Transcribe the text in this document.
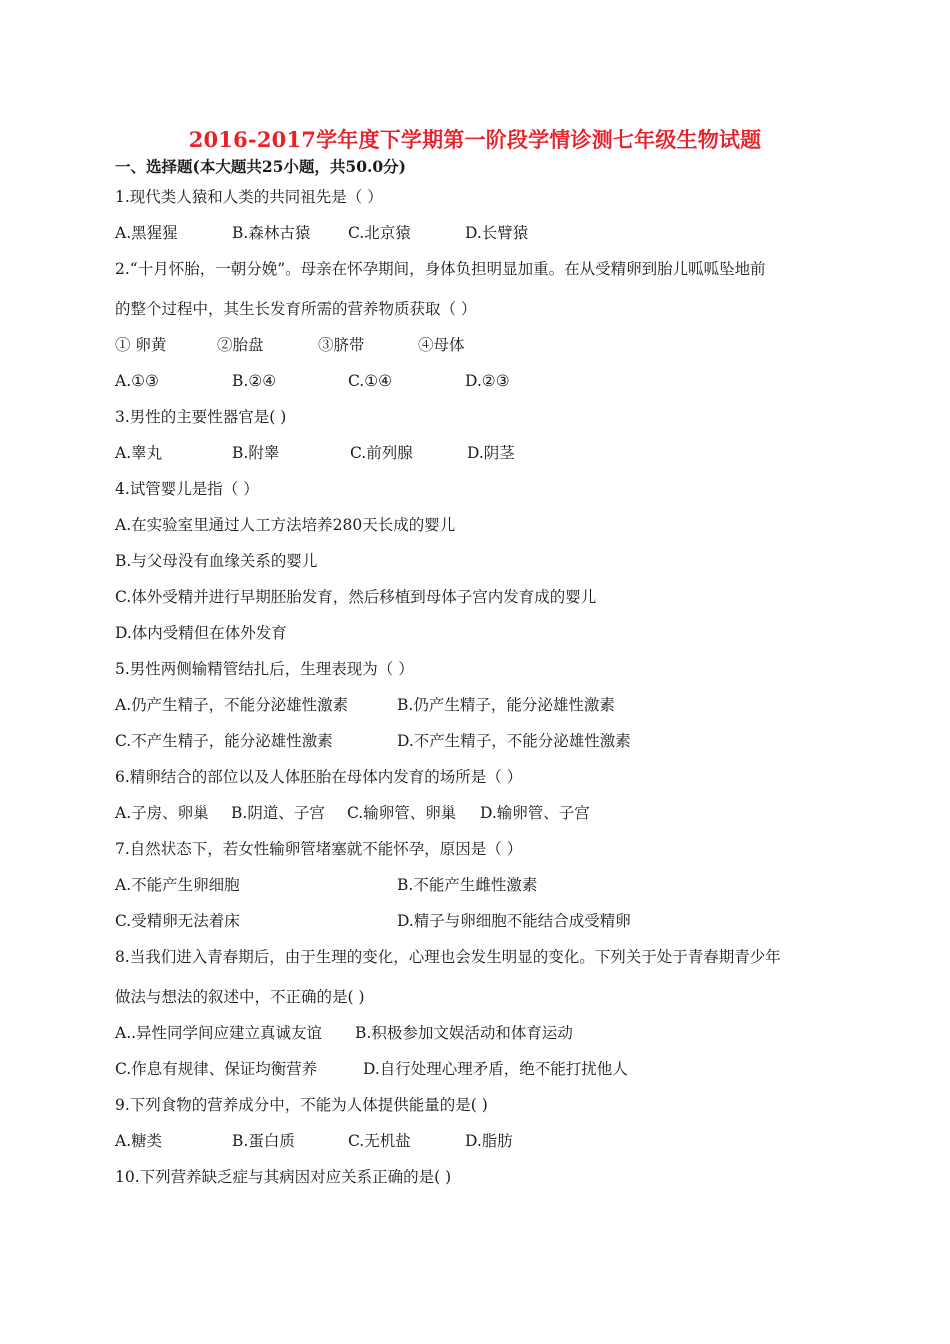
2016-2017学年度下学期第一阶段学情诊测七年级生物试题
一、选择题(本大题共25小题，共50.0分)
1.现代类人猿和人类的共同祖先是（ ）
A.黑猩猩	B.森林古猿 C.北京猿	D.长臂猿
2.“十月怀胎，一朝分娩”。母亲在怀孕期间，身体负担明显加重。在从受精卵到胎儿呱呱坠地前
的整个过程中，其生长发育所需的营养物质获取（ ）
① 卵黄	②胎盘	③脐带	④母体
A.①③	B.②④	C.①④	D.②③
3.男性的主要性器官是( )
A.睾丸	B.附睾	C.前列腺	D.阴茎
4.试管婴儿是指（ ）
A.在实验室里通过人工方法培养280天长成的婴儿
B.与父母没有血缘关系的婴儿
C.体外受精并进行早期胚胎发育，然后移植到母体子宫内发育成的婴儿
D.体内受精但在体外发育
5.男性两侧输精管结扎后，生理表现为（ ）
A.仍产生精子，不能分泌雄性激素	B.仍产生精子，能分泌雄性激素
C.不产生精子，能分泌雄性激素	D.不产生精子，不能分泌雄性激素
6.精卵结合的部位以及人体胚胎在母体内发育的场所是（ ）
A.子房、卵巢 B.阴道、子宫 C.输卵管、卵巢 D.输卵管、子宫
7.自然状态下，若女性输卵管堵塞就不能怀孕，原因是（ ）
A.不能产生卵细胞	B.不能产生雌性激素
C.受精卵无法着床	D.精子与卵细胞不能结合成受精卵
8.当我们进入青春期后，由于生理的变化，心理也会发生明显的变化。下列关于处于青春期青少年
做法与想法的叙述中，不正确的是( )
A..异性同学间应建立真诚友谊 B.积极参加文娱活动和体育运动
C.作息有规律、保证均衡营养	D.自行处理心理矛盾，绝不能打扰他人
9.下列食物的营养成分中，不能为人体提供能量的是( )
A.糖类	B.蛋白质	C.无机盐	D.脂肪
10.下列营养缺乏症与其病因对应关系正确的是( )
